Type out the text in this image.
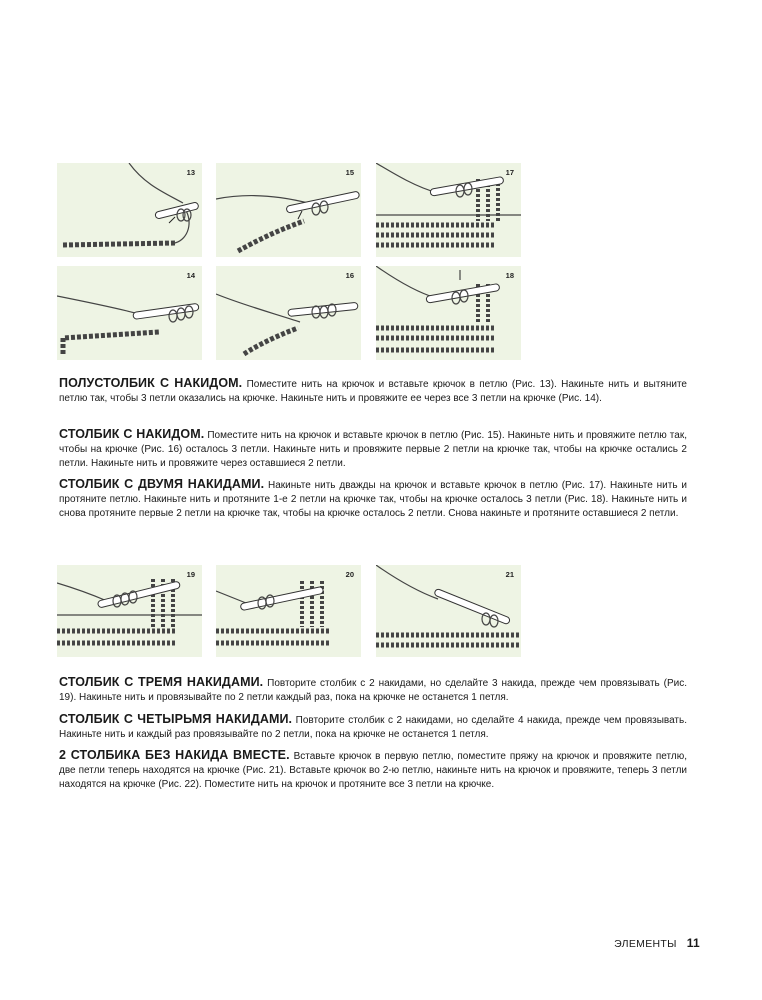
13	15	17
14	16	18
19	20	21

ПОЛУСТОЛБИК С НАКИДОМ. Поместите нить на крючок и вставьте крючок в петлю (Рис. 13). Накиньте нить и вытяните петлю так, чтобы 3 петли оказались на крючке. Накиньте нить и провяжите ее через все 3 петли на крючке (Рис. 14).

СТОЛБИК С НАКИДОМ. Поместите нить на крючок и вставьте крючок в петлю (Рис. 15). Накиньте нить и провяжите петлю так, чтобы на крючке (Рис. 16) осталось 3 петли. Накиньте нить и провяжите первые 2 петли на крючке так, чтобы на крючке остались 2 петли. Накиньте нить и провяжите через оставшиеся 2 петли.

СТОЛБИК С ДВУМЯ НАКИДАМИ. Накиньте нить дважды на крючок и вставьте крючок в петлю (Рис. 17). Накиньте нить и протяните петлю. Накиньте нить и протяните 1-е 2 петли на крючке так, чтобы на крючке осталось 3 петли (Рис. 18). Накиньте нить и снова протяните первые 2 петли на крючке так, чтобы на крючке осталось 2 петли. Снова накиньте и протяните оставшиеся 2 петли.

СТОЛБИК С ТРЕМЯ НАКИДАМИ. Повторите столбик с 2 накидами, но сделайте 3 накида, прежде чем провязывать (Рис. 19). Накиньте нить и провязывайте по 2 петли каждый раз, пока на крючке не останется 1 петля.

СТОЛБИК С ЧЕТЫРЬМЯ НАКИДАМИ. Повторите столбик с 2 накидами, но сделайте 4 накида, прежде чем провязывать. Накиньте нить и каждый раз провязывайте по 2 петли, пока на крючке не останется 1 петля.

2 СТОЛБИКА БЕЗ НАКИДА ВМЕСТЕ. Вставьте крючок в первую петлю, поместите пряжу на крючок и провяжите петлю, две петли теперь находятся на крючке (Рис. 21). Вставьте крючок во 2-ю петлю, накиньте нить на крючок и провяжите, теперь 3 петли находятся на крючке (Рис. 22). Поместите нить на крючок и протяните все 3 петли на крючке.

ЭЛЕМЕНТЫ 11
